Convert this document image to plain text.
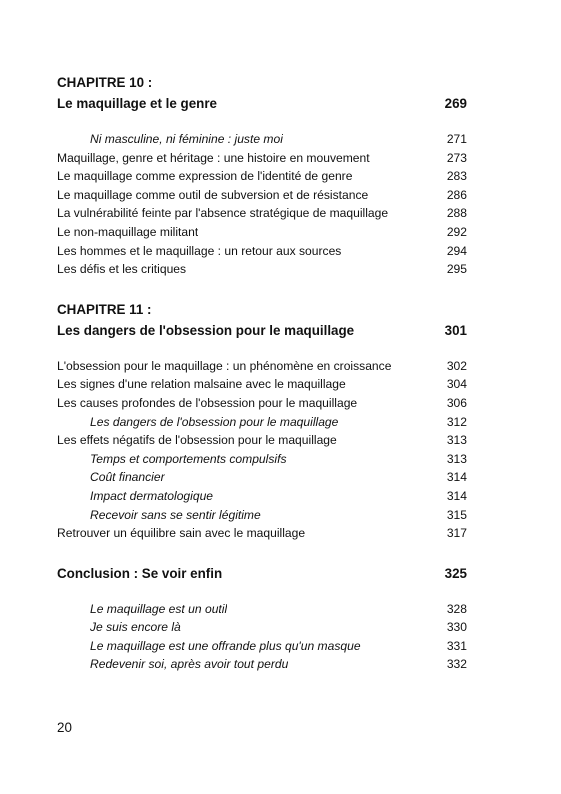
CHAPITRE 10 :
Le maquillage et le genre	269
Ni masculine, ni féminine : juste moi	271
Maquillage, genre et héritage : une histoire en mouvement	273
Le maquillage comme expression de l'identité de genre	283
Le maquillage comme outil de subversion et de résistance	286
La vulnérabilité feinte par l'absence stratégique de maquillage	288
Le non-maquillage militant	292
Les hommes et le maquillage : un retour aux sources	294
Les défis et les critiques	295
CHAPITRE 11 :
Les dangers de l'obsession pour le maquillage	301
L'obsession pour le maquillage : un phénomène en croissance	302
Les signes d'une relation malsaine avec le maquillage	304
Les causes profondes de l'obsession pour le maquillage	306
Les dangers de l'obsession pour le maquillage	312
Les effets négatifs de l'obsession pour le maquillage	313
Temps et comportements compulsifs	313
Coût financier	314
Impact dermatologique	314
Recevoir sans se sentir légitime	315
Retrouver un équilibre sain avec le maquillage	317
Conclusion : Se voir enfin	325
Le maquillage est un outil	328
Je suis encore là	330
Le maquillage est une offrande plus qu'un masque	331
Redevenir soi, après avoir tout perdu	332
20
